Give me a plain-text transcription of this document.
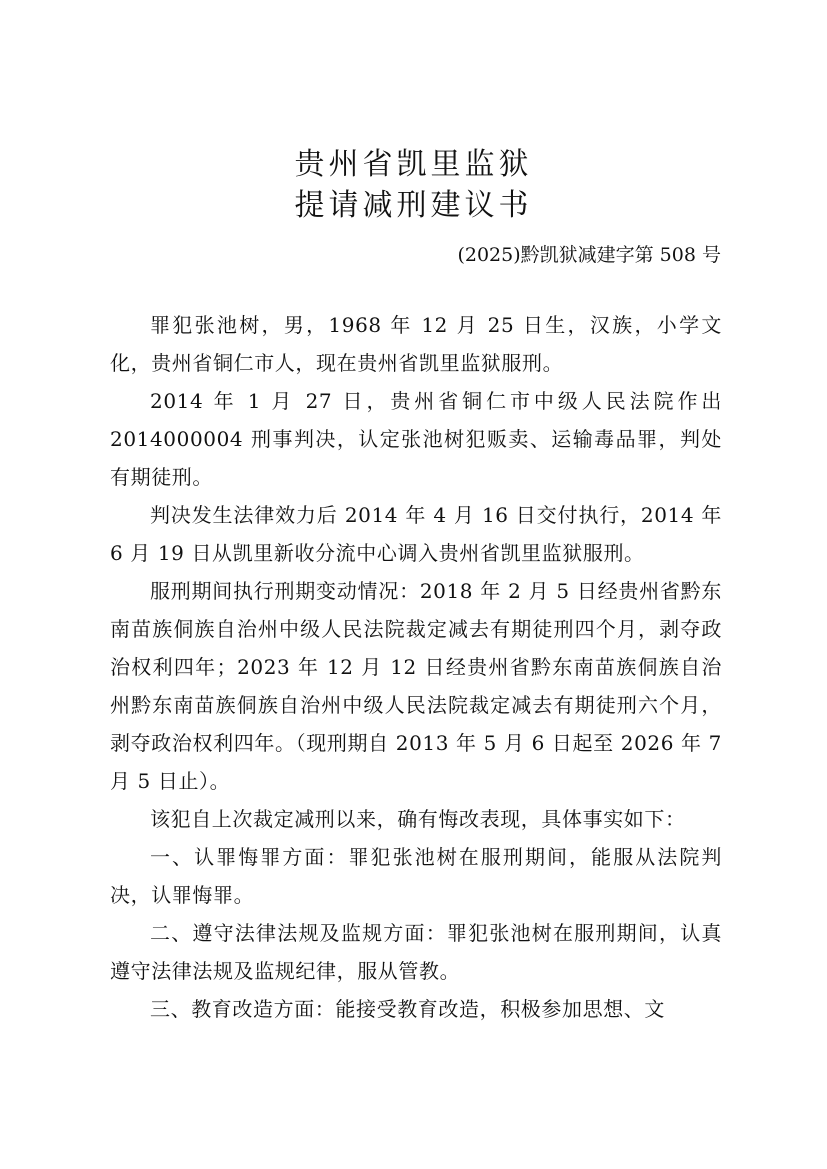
贵州省凯里监狱
提请减刑建议书
(2025)黔凯狱减建字第 508 号

罪犯张池树，男，1968 年 12 月 25 日生，汉族，小学文化，贵州省铜仁市人，现在贵州省凯里监狱服刑。

2014 年 1 月 27 日，贵州省铜仁市中级人民法院作出 2014000004 刑事判决，认定张池树犯贩卖、运输毒品罪，判处有期徒刑。

判决发生法律效力后 2014 年 4 月 16 日交付执行，2014 年 6 月 19 日从凯里新收分流中心调入贵州省凯里监狱服刑。

服刑期间执行刑期变动情况：2018 年 2 月 5 日经贵州省黔东南苗族侗族自治州中级人民法院裁定减去有期徒刑四个月，剥夺政治权利四年；2023 年 12 月 12 日经贵州省黔东南苗族侗族自治州黔东南苗族侗族自治州中级人民法院裁定减去有期徒刑六个月，剥夺政治权利四年。（现刑期自 2013 年 5 月 6 日起至 2026 年 7 月 5 日止）。

该犯自上次裁定减刑以来，确有悔改表现，具体事实如下：

一、认罪悔罪方面：罪犯张池树在服刑期间，能服从法院判决，认罪悔罪。

二、遵守法律法规及监规方面：罪犯张池树在服刑期间，认真遵守法律法规及监规纪律，服从管教。

三、教育改造方面：能接受教育改造，积极参加思想、文
